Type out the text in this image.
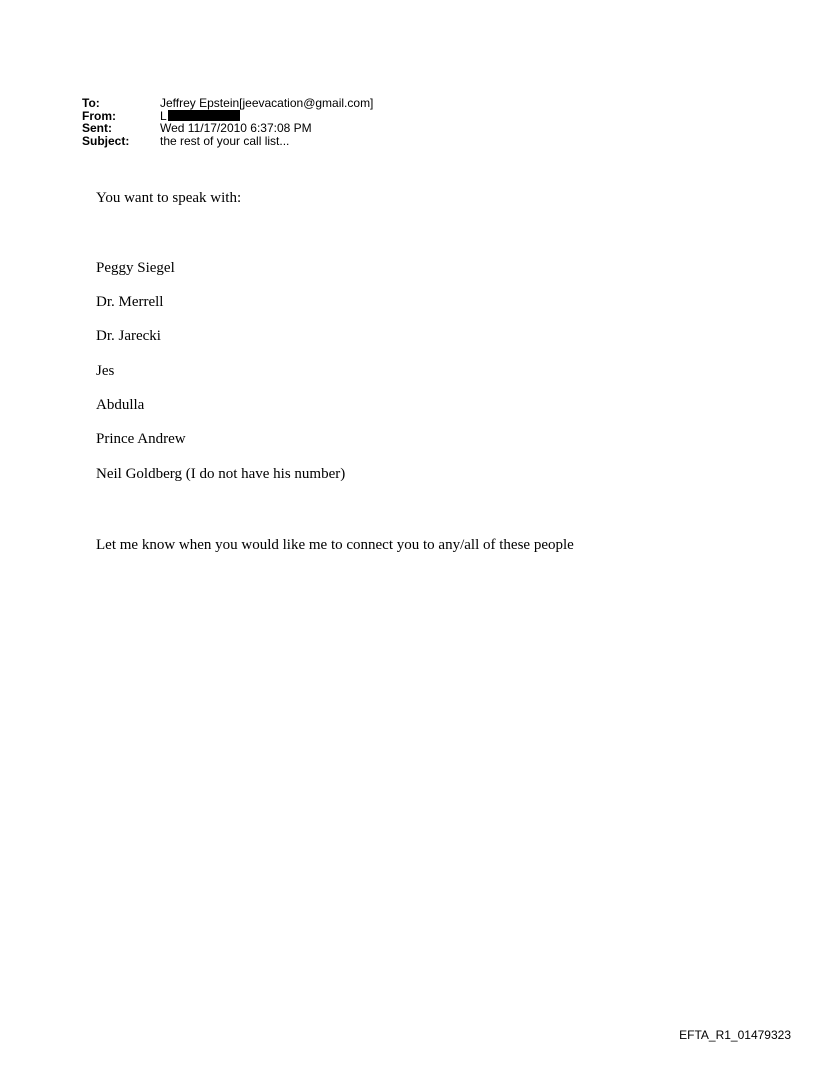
To:	Jeffrey Epstein[jeevacation@gmail.com]
From:	L
Sent:	Wed 11/17/2010 6:37:08 PM
Subject:	the rest of your call list...
You want to speak with:
Peggy Siegel
Dr. Merrell
Dr. Jarecki
Jes
Abdulla
Prince Andrew
Neil Goldberg (I do not have his number)
Let me know when you would like me to connect you to any/all of these people
EFTA_R1_01479323
